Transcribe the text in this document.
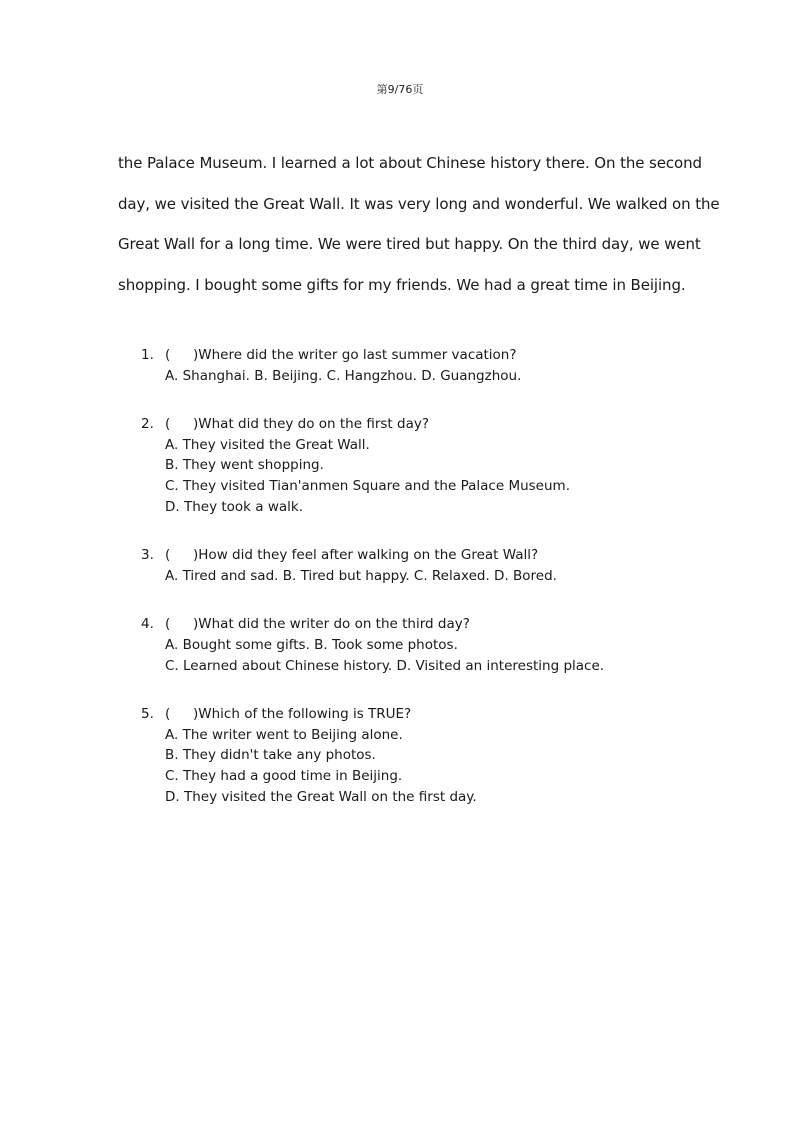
第9/76页
the Palace Museum. I learned a lot about Chinese history there. On the second
day, we visited the Great Wall. It was very long and wonderful. We walked on the
Great Wall for a long time. We were tired but happy. On the third day, we went
shopping. I bought some gifts for my friends. We had a great time in Beijing.
1. ( )Where did the writer go last summer vacation?
A. Shanghai. B. Beijing. C. Hangzhou. D. Guangzhou.
2. ( )What did they do on the first day?
A. They visited the Great Wall.
B. They went shopping.
C. They visited Tian'anmen Square and the Palace Museum.
D. They took a walk.
3. ( )How did they feel after walking on the Great Wall?
A. Tired and sad. B. Tired but happy. C. Relaxed. D. Bored.
4. ( )What did the writer do on the third day?
A. Bought some gifts. B. Took some photos.
C. Learned about Chinese history. D. Visited an interesting place.
5. ( )Which of the following is TRUE?
A. The writer went to Beijing alone.
B. They didn't take any photos.
C. They had a good time in Beijing.
D. They visited the Great Wall on the first day.
